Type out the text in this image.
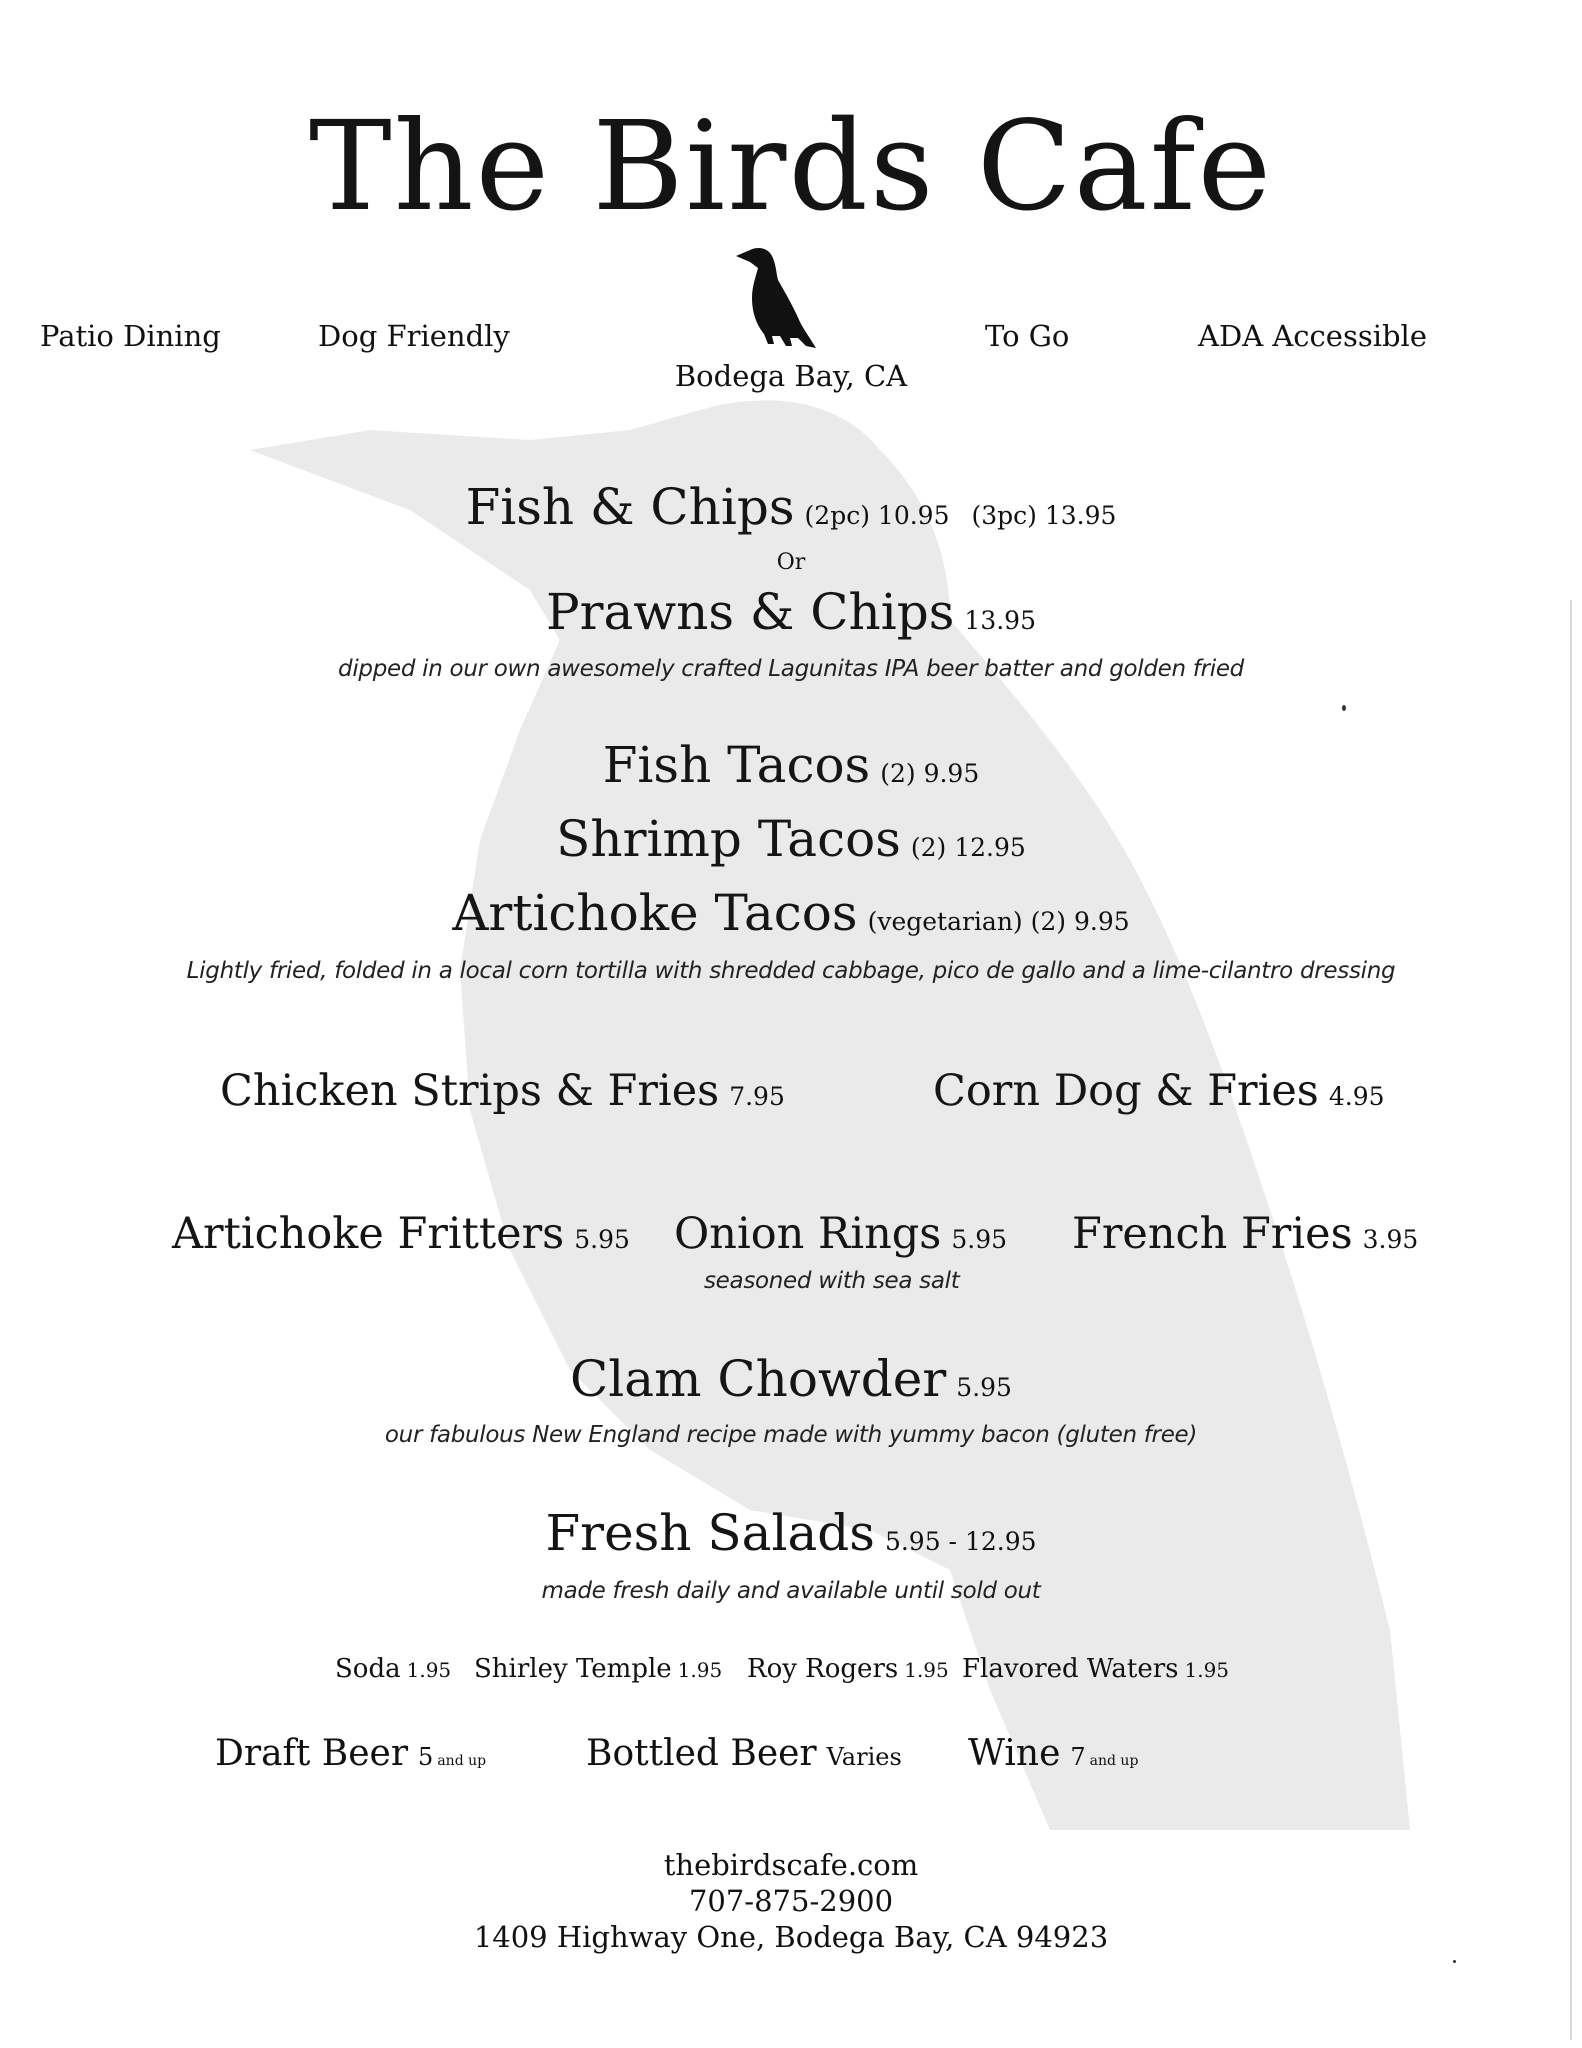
The Birds Cafe
Patio Dining	Dog Friendly	To Go	ADA Accessible
Bodega Bay, CA
Fish & Chips (2pc) 10.95 (3pc) 13.95
Or
Prawns & Chips 13.95
dipped in our own awesomely crafted Lagunitas IPA beer batter and golden fried
Fish Tacos (2) 9.95
Shrimp Tacos (2) 12.95
Artichoke Tacos (vegetarian) (2) 9.95
Lightly fried, folded in a local corn tortilla with shredded cabbage, pico de gallo and a lime-cilantro dressing
Chicken Strips & Fries 7.95	Corn Dog & Fries 4.95
Artichoke Fritters 5.95 Onion Rings 5.95 French Fries 3.95
seasoned with sea salt
Clam Chowder 5.95
our fabulous New England recipe made with yummy bacon (gluten free)
Fresh Salads 5.95 - 12.95
made fresh daily and available until sold out
Soda 1.95 Shirley Temple 1.95 Roy Rogers 1.95 Flavored Waters 1.95
Draft Beer 5 and up	Bottled Beer Varies Wine 7 and up
thebirdscafe.com
707-875-2900
1409 Highway One, Bodega Bay, CA 94923
